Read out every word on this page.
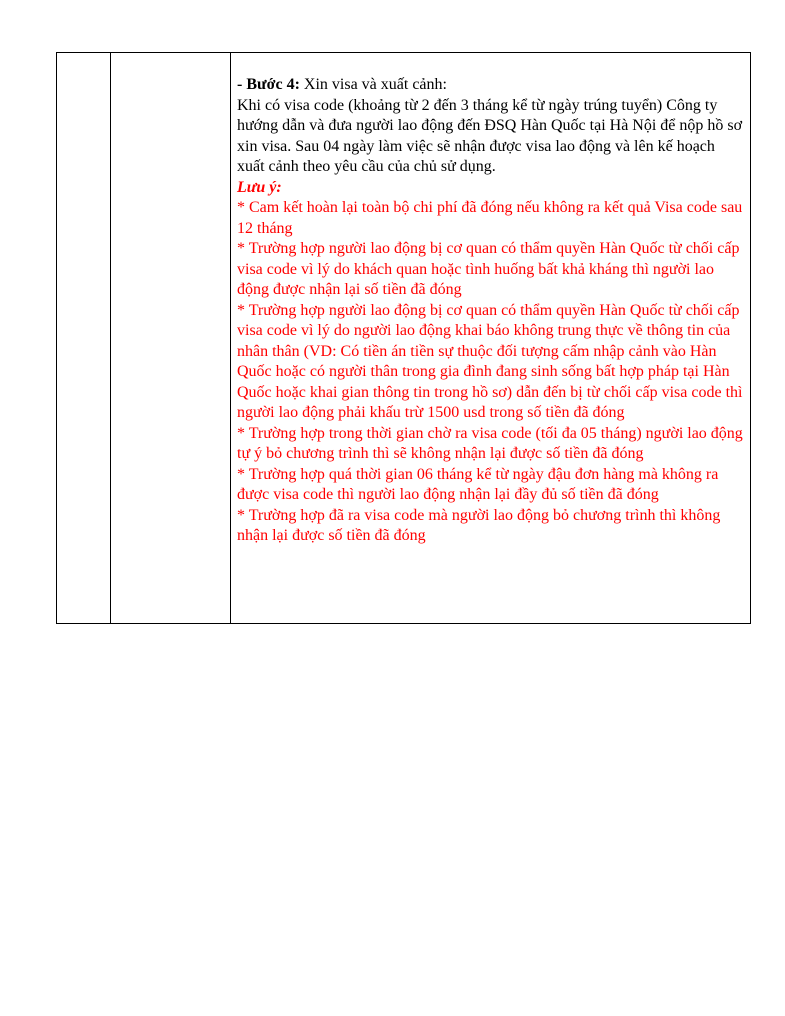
- Bước 4: Xin visa và xuất cảnh:

Khi có visa code (khoảng từ 2 đến 3 tháng kể từ ngày trúng tuyển) Công ty hướng dẫn và đưa người lao động đến ĐSQ Hàn Quốc tại Hà Nội để nộp hồ sơ xin visa. Sau 04 ngày làm việc sẽ nhận được visa lao động và lên kế hoạch xuất cảnh theo yêu cầu của chủ sử dụng.

Lưu ý:

* Cam kết hoàn lại toàn bộ chi phí đã đóng nếu không ra kết quả Visa code sau 12 tháng

* Trường hợp người lao động bị cơ quan có thẩm quyền Hàn Quốc từ chối cấp visa code vì lý do khách quan hoặc tình huống bất khả kháng thì người lao động được nhận lại số tiền đã đóng

* Trường hợp người lao động bị cơ quan có thẩm quyền Hàn Quốc từ chối cấp visa code vì lý do người lao động khai báo không trung thực về thông tin của nhân thân (VD: Có tiền án tiền sự thuộc đối tượng cấm nhập cảnh vào Hàn Quốc hoặc có người thân trong gia đình đang sinh sống bất hợp pháp tại Hàn Quốc hoặc khai gian thông tin trong hồ sơ) dẫn đến bị từ chối cấp visa code thì người lao động phải khấu trừ 1500 usd trong số tiền đã đóng

* Trường hợp trong thời gian chờ ra visa code (tối đa 05 tháng) người lao động tự ý bỏ chương trình thì sẽ không nhận lại được số tiền đã đóng

* Trường hợp quá thời gian 06 tháng kể từ ngày đậu đơn hàng mà không ra được visa code thì người lao động nhận lại đầy đủ số tiền đã đóng

* Trường hợp đã ra visa code mà người lao động bỏ chương trình thì không nhận lại được số tiền đã đóng
